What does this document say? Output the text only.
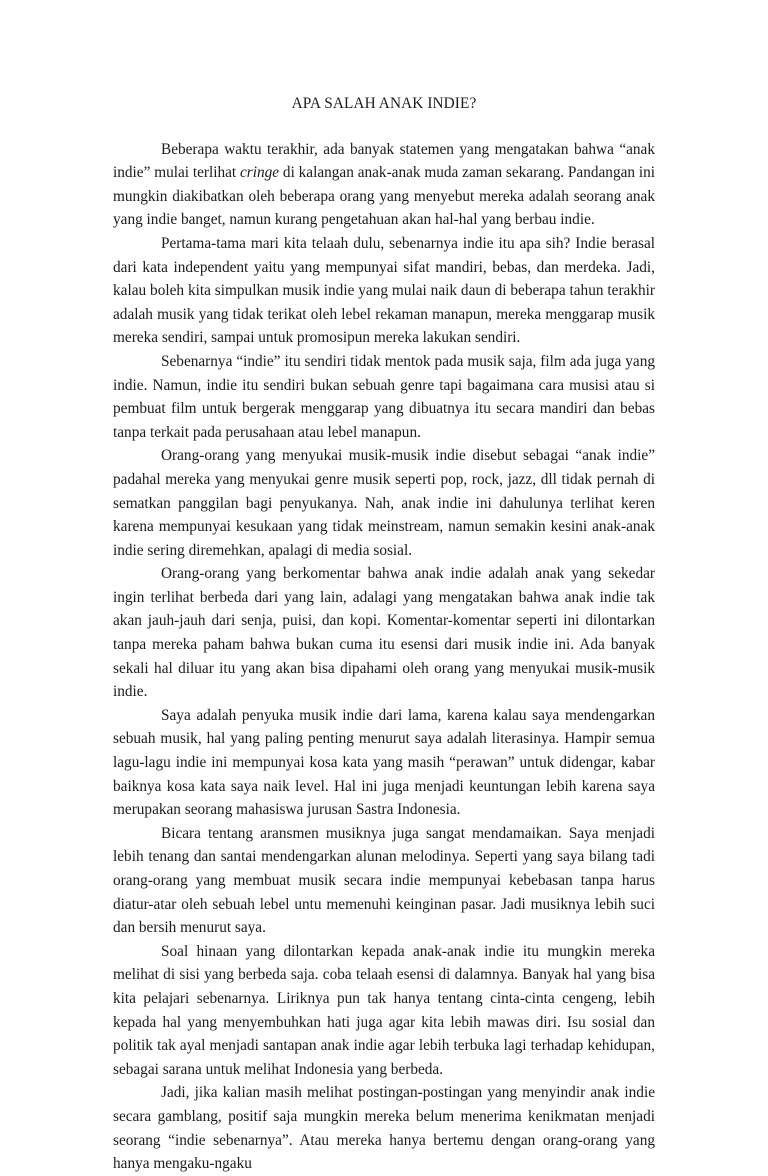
APA SALAH ANAK INDIE?

Beberapa waktu terakhir, ada banyak statemen yang mengatakan bahwa “anak indie” mulai terlihat cringe di kalangan anak-anak muda zaman sekarang. Pandangan ini mungkin diakibatkan oleh beberapa orang yang menyebut mereka adalah seorang anak yang indie banget, namun kurang pengetahuan akan hal-hal yang berbau indie.

Pertama-tama mari kita telaah dulu, sebenarnya indie itu apa sih? Indie berasal dari kata independent yaitu yang mempunyai sifat mandiri, bebas, dan merdeka. Jadi, kalau boleh kita simpulkan musik indie yang mulai naik daun di beberapa tahun terakhir adalah musik yang tidak terikat oleh lebel rekaman manapun, mereka menggarap musik mereka sendiri, sampai untuk promosipun mereka lakukan sendiri.

Sebenarnya “indie” itu sendiri tidak mentok pada musik saja, film ada juga yang indie. Namun, indie itu sendiri bukan sebuah genre tapi bagaimana cara musisi atau si pembuat film untuk bergerak menggarap yang dibuatnya itu secara mandiri dan bebas tanpa terkait pada perusahaan atau lebel manapun.

Orang-orang yang menyukai musik-musik indie disebut sebagai “anak indie” padahal mereka yang menyukai genre musik seperti pop, rock, jazz, dll tidak pernah di sematkan panggilan bagi penyukanya. Nah, anak indie ini dahulunya terlihat keren karena mempunyai kesukaan yang tidak meinstream, namun semakin kesini anak-anak indie sering diremehkan, apalagi di media sosial.

Orang-orang yang berkomentar bahwa anak indie adalah anak yang sekedar ingin terlihat berbeda dari yang lain, adalagi yang mengatakan bahwa anak indie tak akan jauh-jauh dari senja, puisi, dan kopi. Komentar-komentar seperti ini dilontarkan tanpa mereka paham bahwa bukan cuma itu esensi dari musik indie ini. Ada banyak sekali hal diluar itu yang akan bisa dipahami oleh orang yang menyukai musik-musik indie.

Saya adalah penyuka musik indie dari lama, karena kalau saya mendengarkan sebuah musik, hal yang paling penting menurut saya adalah literasinya. Hampir semua lagu-lagu indie ini mempunyai kosa kata yang masih “perawan” untuk didengar, kabar baiknya kosa kata saya naik level. Hal ini juga menjadi keuntungan lebih karena saya merupakan seorang mahasiswa jurusan Sastra Indonesia.

Bicara tentang aransmen musiknya juga sangat mendamaikan. Saya menjadi lebih tenang dan santai mendengarkan alunan melodinya. Seperti yang saya bilang tadi orang-orang yang membuat musik secara indie mempunyai kebebasan tanpa harus diatur-atar oleh sebuah lebel untu memenuhi keinginan pasar. Jadi musiknya lebih suci dan bersih menurut saya.

Soal hinaan yang dilontarkan kepada anak-anak indie itu mungkin mereka melihat di sisi yang berbeda saja. coba telaah esensi di dalamnya. Banyak hal yang bisa kita pelajari sebenarnya. Liriknya pun tak hanya tentang cinta-cinta cengeng, lebih kepada hal yang menyembuhkan hati juga agar kita lebih mawas diri. Isu sosial dan politik tak ayal menjadi santapan anak indie agar lebih terbuka lagi terhadap kehidupan, sebagai sarana untuk melihat Indonesia yang berbeda.

Jadi, jika kalian masih melihat postingan-postingan yang menyindir anak indie secara gamblang, positif saja mungkin mereka belum menerima kenikmatan menjadi seorang “indie sebenarnya”. Atau mereka hanya bertemu dengan orang-orang yang hanya mengaku-ngaku
